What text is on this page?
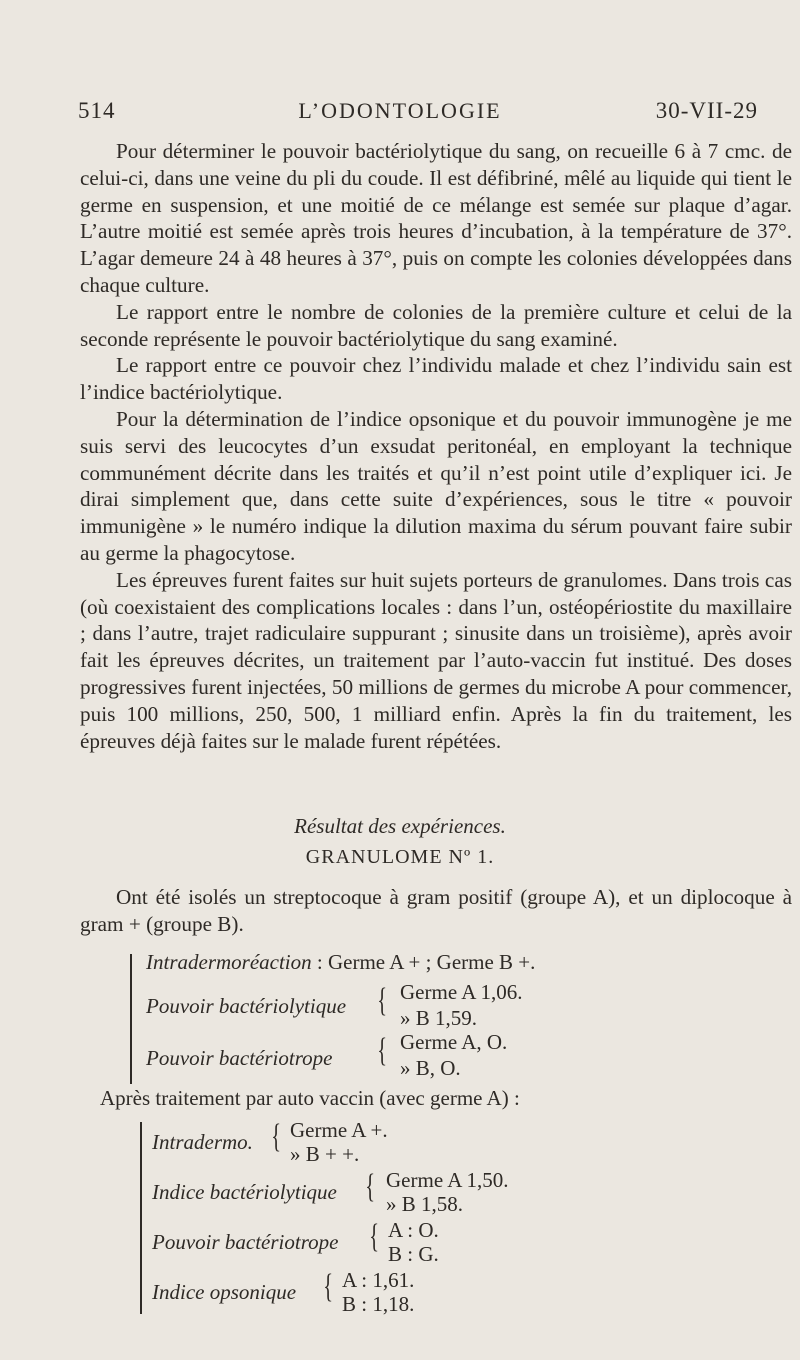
514	L’ODONTOLOGIE	30-VII-29

Pour déterminer le pouvoir bactériolytique du sang, on recueille 6 à 7 cmc. de celui-ci, dans une veine du pli du coude. Il est défibriné, mêlé au liquide qui tient le germe en suspension, et une moitié de ce mélange est semée sur plaque d’agar. L’autre moitié est semée après trois heures d’incubation, à la température de 37°. L’agar demeure 24 à 48 heures à 37°, puis on compte les colonies développées dans chaque culture.

Le rapport entre le nombre de colonies de la première culture et celui de la seconde représente le pouvoir bactériolytique du sang examiné.

Le rapport entre ce pouvoir chez l’individu malade et chez l’individu sain est l’indice bactériolytique.

Pour la détermination de l’indice opsonique et du pouvoir immunogène je me suis servi des leucocytes d’un exsudat peritonéal, en employant la technique communément décrite dans les traités et qu’il n’est point utile d’expliquer ici. Je dirai simplement que, dans cette suite d’expériences, sous le titre « pouvoir immunigène » le numéro indique la dilution maxima du sérum pouvant faire subir au germe la phagocytose.

Les épreuves furent faites sur huit sujets porteurs de granulomes. Dans trois cas (où coexistaient des complications locales : dans l’un, ostéopériostite du maxillaire ; dans l’autre, trajet radiculaire suppurant ; sinusite dans un troisième), après avoir fait les épreuves décrites, un traitement par l’auto-vaccin fut institué. Des doses progressives furent injectées, 50 millions de germes du microbe A pour commencer, puis 100 millions, 250, 500, 1 milliard enfin. Après la fin du traitement, les épreuves déjà faites sur le malade furent répétées.

Résultat des expériences.
GRANULOME Nº 1.

Ont été isolés un streptocoque à gram positif (groupe A), et un diplocoque à gram + (groupe B).

Intradermoréaction : Germe A + ; Germe B +.
Pouvoir bactériolytique { Germe A 1,06.
» B 1,59.
Pouvoir bactériotrope { Germe A, O.
» B, O.
Après traitement par auto vaccin (avec germe A) :
Intradermo. { Germe A +.
» B + +.
Indice bactériolytique { Germe A 1,50.
» B 1,58.
Pouvoir bactériotrope { A : O.
B : G.
Indice opsonique { A : 1,61.
B : 1,18.
